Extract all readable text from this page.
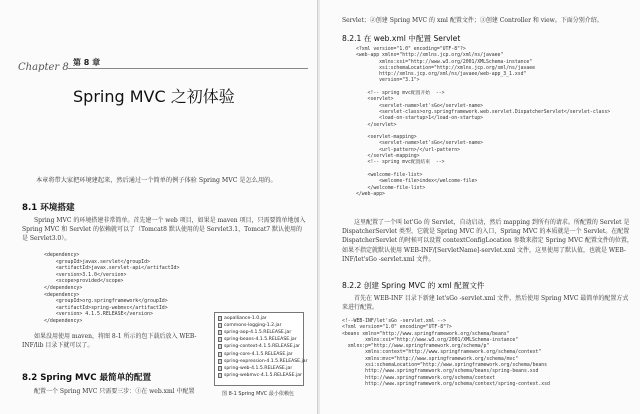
Chapter 8 第 8 章
Spring MVC 之初体验
本章将带大家把环境建起来，然后通过一个简单的例子体验 Spring MVC 是怎么用的。
8.1 环境搭建
Spring MVC 的环境搭建非常简单。首先建一个 web 项目，如果是 maven 项目，只需要简单地加入 Spring MVC 和 Servlet 的依赖就可以了（Tomcat8 默认使用的是 Servlet3.1，Tomcat7 默认使用的是 Servlet3.0）。
<dependency>
<groupId>javax.servlet</groupId>
<artifactId>javax.servlet-api</artifactId>
<version>3.1.0</version>
<scope>provided</scope>
</dependency>
<dependency>
<groupId>org.springframework</groupId>
<artifactId>spring-webmvc</artifactId>
<version> 4.1.5.RELEASE</version>
</dependency>
如果没用使用 maven，将图 8-1 所示的包下载后放入 WEB-INF/lib 目录下就可以了。
8.2 Spring MVC 最简单的配置
配置一个 Spring MVC 只需要三步：①在 web.xml 中配置
aopalliance-1.0.jar
commons-logging-1.2.jar
spring-aop-4.1.5.RELEASE.jar
spring-beans-4.1.5.RELEASE.jar
spring-context-4.1.5.RELEASE.jar
spring-core-4.1.5.RELEASE.jar
spring-expression-4.1.5.RELEASE.jar
spring-web-4.1.5.RELEASE.jar
spring-webmvc-4.1.5.RELEASE.jar
图 8-1 Spring MVC 最小依赖包
Servlet；②创建 Spring MVC 的 xml 配置文件；③创建 Controller 和 view。下面分别介绍。
8.2.1 在 web.xml 中配置 Servlet
<?xml version="1.0" encoding="UTF-8"?>
<web-app xmlns="http://xmlns.jcp.org/xml/ns/javaee"
xmlns:xsi="http://www.w3.org/2001/XMLSchema-instance"
xsi:schemaLocation="http://xmlns.jcp.org/xml/ns/javaee
http://xmlns.jcp.org/xml/ns/javaee/web-app_3_1.xsd"
version="3.1">

<!-- spring mvc配置开始  -->
<servlet>
<servlet-name>let'sGo</servlet-name>
<servlet-class>org.springframework.web.servlet.DispatcherServlet</servlet-class>
<load-on-startup>1</load-on-startup>
</servlet>

<servlet-mapping>
<servlet-name>let'sGo</servlet-name>
<url-pattern>/</url-pattern>
</servlet-mapping>
<!-- spring mvc配置结束  -->

<welcome-file-list>
<welcome-file>index</welcome-file>
</welcome-file-list>
</web-app>
这里配置了一个叫 let'Go 的 Servlet，自动启动，然后 mapping 到所有的请求。所配置的 Servlet 是 DispatcherServlet 类型，它就是 Spring MVC 的入口，Spring MVC 的本质就是一个 Servlet。在配置 DispatcherServlet 的时候可以设置 contextConfigLocation 参数来指定 Spring MVC 配置文件的位置，如果不指定就默认使用 WEB-INF/[ServletName]-servlet.xml 文件，这里使用了默认值，也就是 WEB-INF/let'sGo -servlet.xml 文件。
8.2.2 创建 Spring MVC 的 xml 配置文件
首先在 WEB-INF 目录下新建 let'sGo -servlet.xml 文件，然后使用 Spring MVC 最简单的配置方式来进行配置。
<!--WEB-INF/let'sGo -servlet.xml -->
<?xml version="1.0" encoding="UTF-8"?>
<beans xmlns="http://www.springframework.org/schema/beans"
xmlns:xsi="http://www.w3.org/2001/XMLSchema-instance"
xmlns:p="http://www.springframework.org/schema/p"
xmlns:context="http://www.springframework.org/schema/context"
xmlns:mvc="http://www.springframework.org/schema/mvc"
xsi:schemaLocation="http://www.springframework.org/schema/beans
http://www.springframework.org/schema/beans/spring-beans.xsd
http://www.springframework.org/schema/context
http://www.springframework.org/schema/context/spring-context.xsd
